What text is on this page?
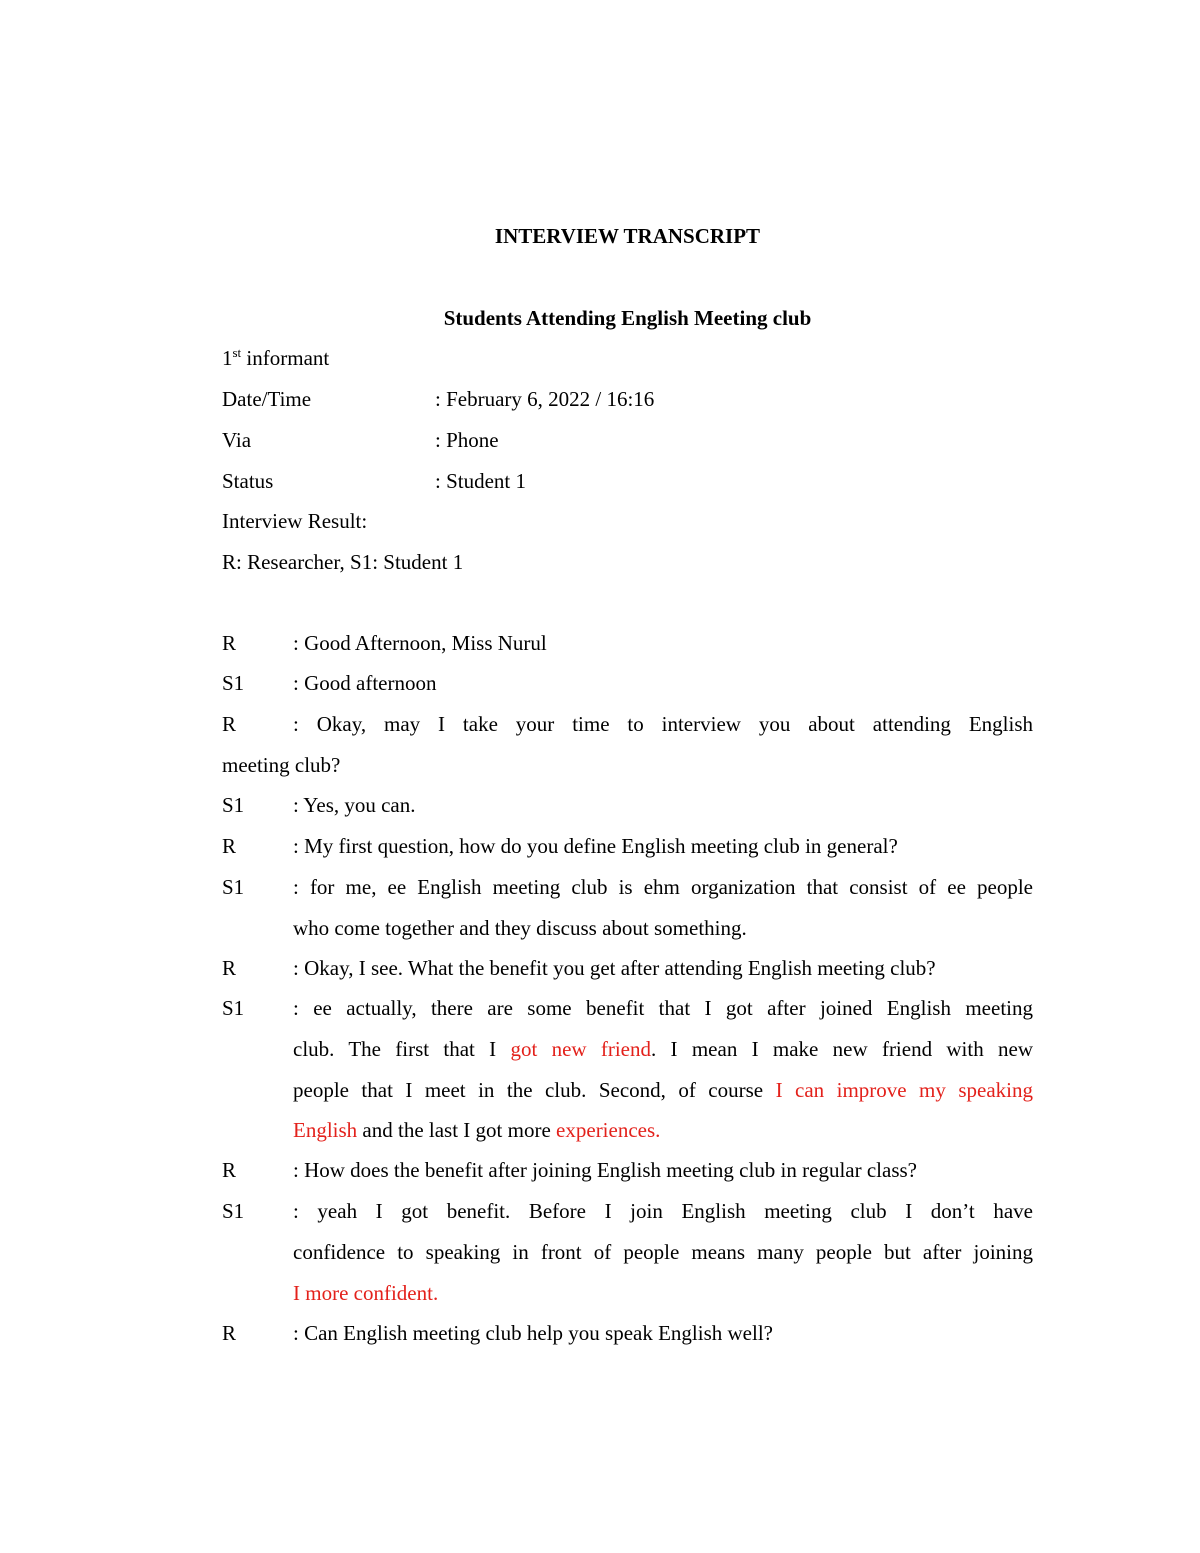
INTERVIEW TRANSCRIPT
Students Attending English Meeting club
1st informant
Date/Time	: February 6, 2022 / 16:16
Via	: Phone
Status	: Student 1
Interview Result:
R: Researcher, S1: Student 1
R	: Good Afternoon, Miss Nurul
S1 : Good afternoon
R	: Okay, may I take your time to interview you about attending English
meeting club?
S1 : Yes, you can.
R	: My first question, how do you define English meeting club in general?
S1 : for me, ee English meeting club is ehm organization that consist of ee people
who come together and they discuss about something.
R	: Okay, I see. What the benefit you get after attending English meeting club?
S1 : ee actually, there are some benefit that I got after joined English meeting
club. The first that I got new friend. I mean I make new friend with new
people that I meet in the club. Second, of course I can improve my speaking
English and the last I got more experiences.
R	: How does the benefit after joining English meeting club in regular class?
S1 : yeah I got benefit. Before I join English meeting club I don’t have
confidence to speaking in front of people means many people but after joining
I more confident.
R	: Can English meeting club help you speak English well?
